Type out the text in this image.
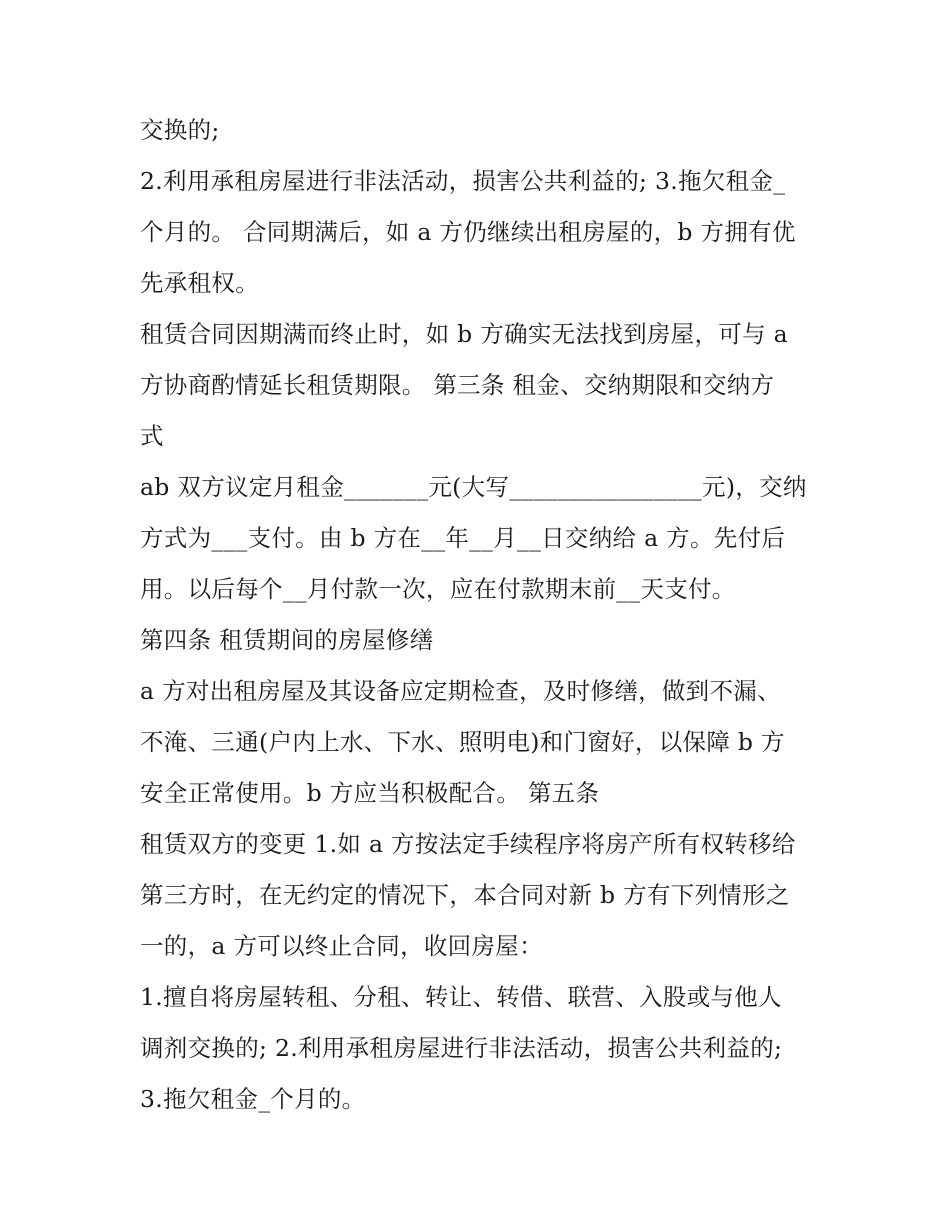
交换的;
2.利用承租房屋进行非法活动，损害公共利益的; 3.拖欠租金_
个月的。 合同期满后，如 a 方仍继续出租房屋的，b 方拥有优
先承租权。
租赁合同因期满而终止时，如 b 方确实无法找到房屋，可与 a
方协商酌情延长租赁期限。 第三条 租金、交纳期限和交纳方
式
ab 双方议定月租金_______元(大写________________元)，交纳
方式为___支付。由 b 方在__年__月__日交纳给 a 方。先付后
用。以后每个__月付款一次，应在付款期末前__天支付。
第四条 租赁期间的房屋修缮
a 方对出租房屋及其设备应定期检查，及时修缮，做到不漏、
不淹、三通(户内上水、下水、照明电)和门窗好，以保障 b 方
安全正常使用。b 方应当积极配合。 第五条
租赁双方的变更 1.如 a 方按法定手续程序将房产所有权转移给
第三方时，在无约定的情况下，本合同对新 b 方有下列情形之
一的，a 方可以终止合同，收回房屋：
1.擅自将房屋转租、分租、转让、转借、联营、入股或与他人
调剂交换的; 2.利用承租房屋进行非法活动，损害公共利益的;
3.拖欠租金_个月的。
